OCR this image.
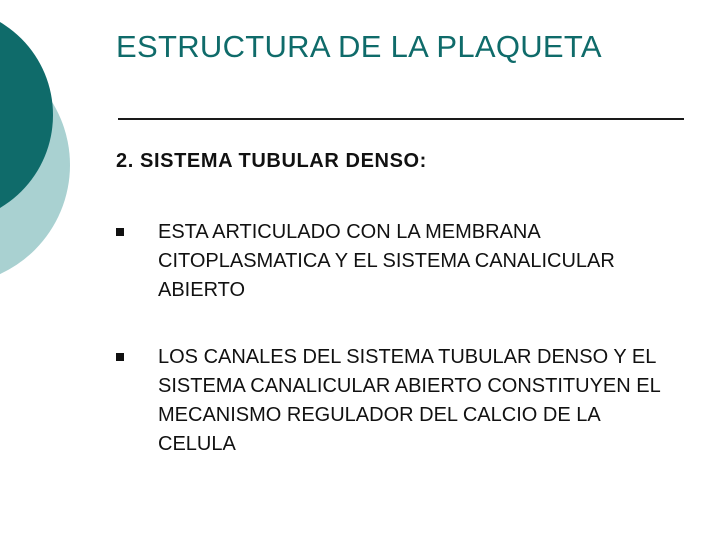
ESTRUCTURA DE LA PLAQUETA
2. SISTEMA TUBULAR DENSO:
ESTA ARTICULADO CON LA MEMBRANA CITOPLASMATICA Y EL SISTEMA CANALICULAR ABIERTO
LOS CANALES DEL SISTEMA TUBULAR DENSO Y EL SISTEMA CANALICULAR ABIERTO CONSTITUYEN EL MECANISMO REGULADOR DEL CALCIO DE LA CELULA
